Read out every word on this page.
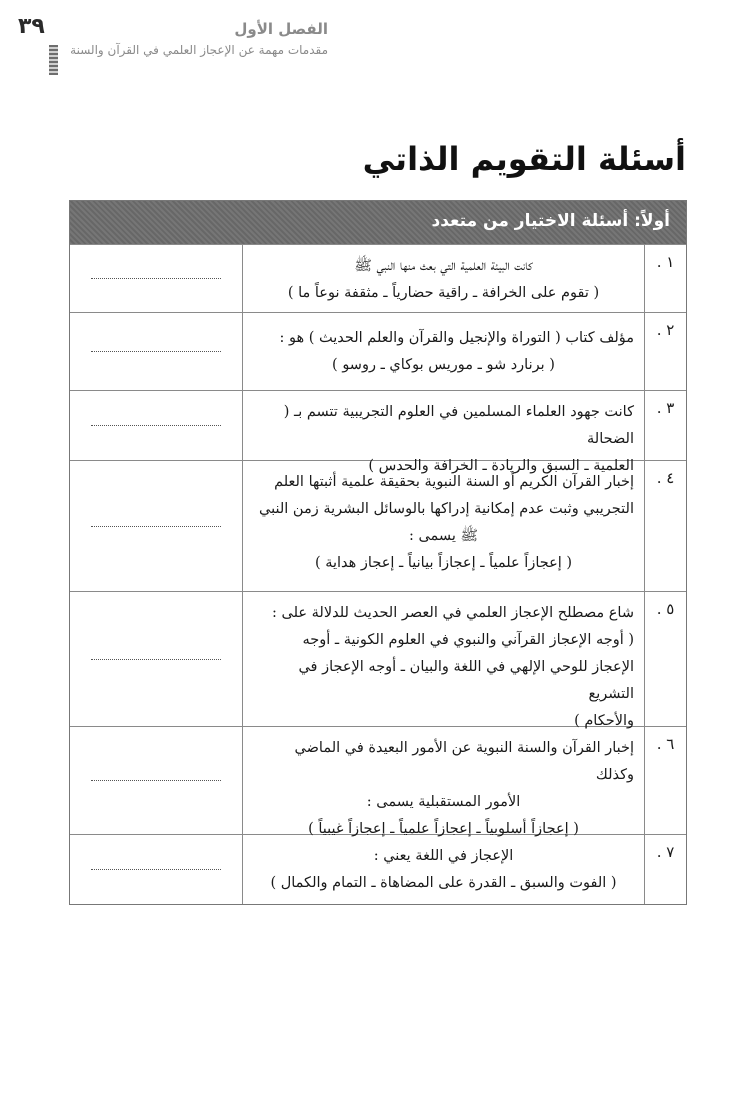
٣٩	الفصل الأول
مقدمات مهمة عن الإعجاز العلمي في القرآن والسنة
أسئلة التقويم الذاتي
أولاً: أسئلة الاختيار من متعدد
١ .
كانت البيئة العلمية التي بعث منها النبي ﷺ
( تقوم على الخرافة ـ راقية حضارياً ـ مثقفة نوعاً ما )
٢ .
مؤلف كتاب ( التوراة والإنجيل والقرآن والعلم الحديث ) هو :
( برنارد شو ـ موريس بوكاي ـ روسو )
٣ .
كانت جهود العلماء المسلمين في العلوم التجريبية تتسم بـ ( الضحالة
العلمية ـ السبق والريادة ـ الخرافة والحدس )
٤ .
إخبار القرآن الكريم أو السنة النبوية بحقيقة علمية أثبتها العلم
التجريبي وثبت عدم إمكانية إدراكها بالوسائل البشرية زمن النبي
ﷺ يسمى :
( إعجازاً علمياً ـ إعجازاً بيانياً ـ إعجاز هداية )
٥ .
شاع مصطلح الإعجاز العلمي في العصر الحديث للدلالة على :
( أوجه الإعجاز القرآني والنبوي في العلوم الكونية ـ أوجه
الإعجاز للوحي الإلهي في اللغة والبيان ـ أوجه الإعجاز في التشريع
والأحكام )
٦ .
إخبار القرآن والسنة النبوية عن الأمور البعيدة في الماضي وكذلك
الأمور المستقبلية يسمى :
( إعجازاً أسلوبياً ـ إعجازاً علمياً ـ إعجازاً غيبياً )
٧ .
الإعجاز في اللغة يعني :
( الفوت والسبق ـ القدرة على المضاهاة ـ التمام والكمال )
